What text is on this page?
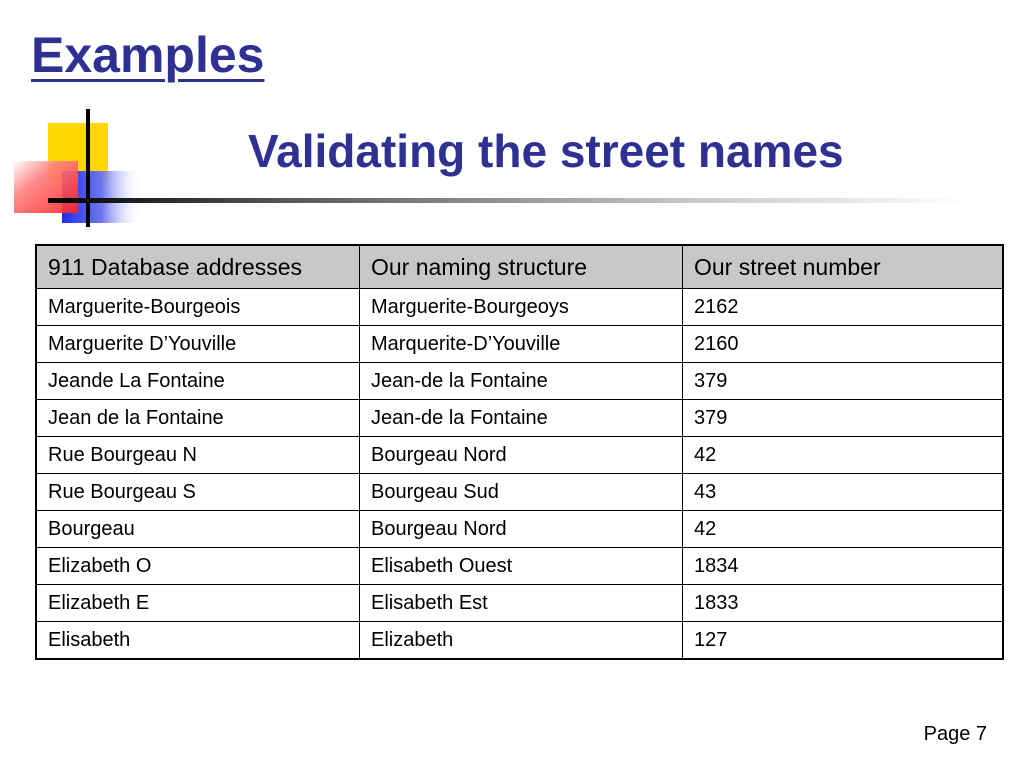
Examples
Validating the street names
911 Database addresses	Our naming structure	Our street number
Marguerite-Bourgeois	Marguerite-Bourgeoys	2162
Marguerite D’Youville	Marquerite-D’Youville	2160
Jeande La Fontaine	Jean-de la Fontaine	379
Jean de la Fontaine	Jean-de la Fontaine	379
Rue Bourgeau N	Bourgeau Nord	42
Rue Bourgeau S	Bourgeau Sud	43
Bourgeau	Bourgeau Nord	42
Elizabeth O	Elisabeth Ouest	1834
Elizabeth E	Elisabeth Est	1833
Elisabeth	Elizabeth	127
Page 7
